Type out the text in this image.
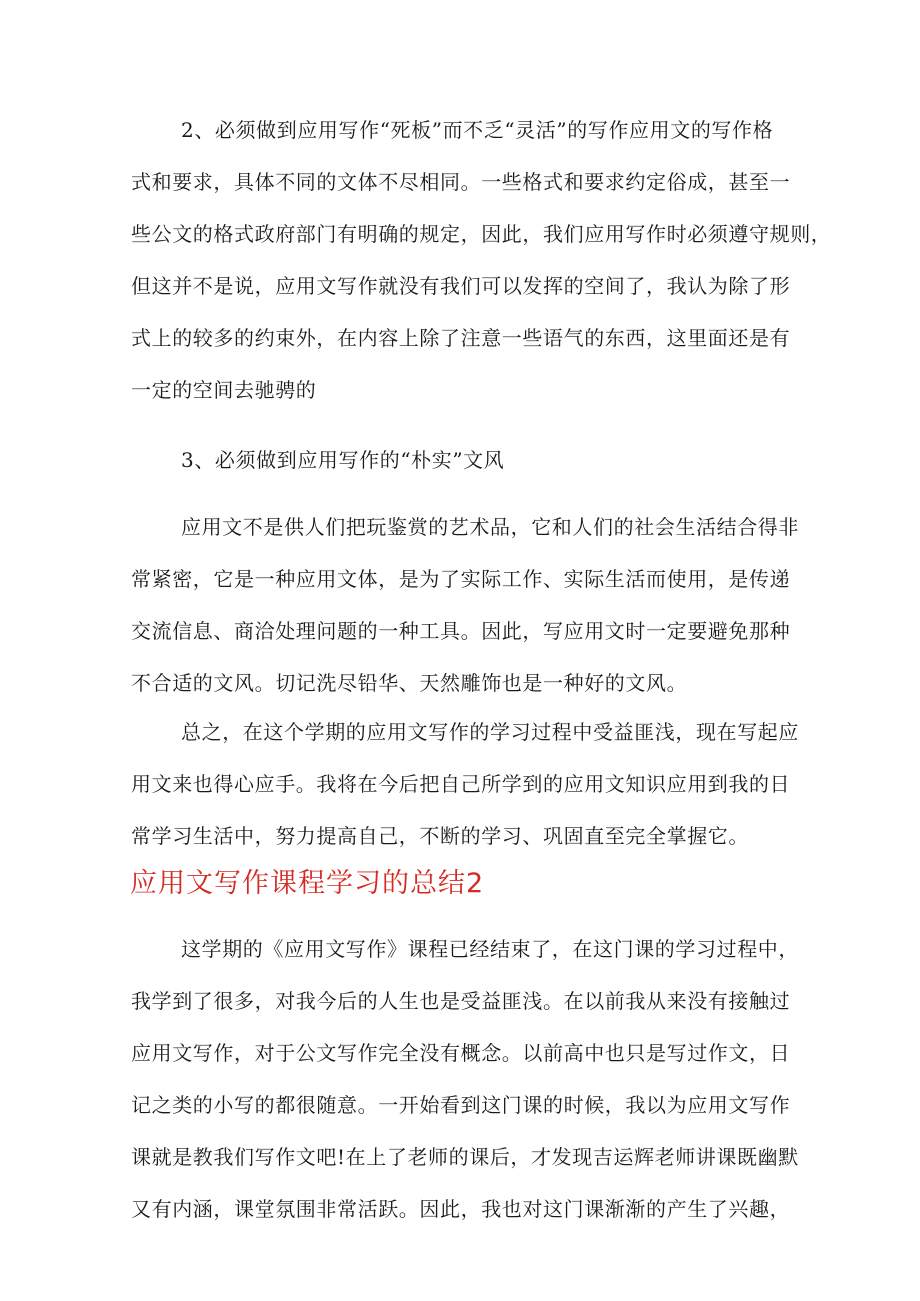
2、必须做到应用写作“死板”而不乏“灵活”的写作应用文的写作格
式和要求，具体不同的文体不尽相同。一些格式和要求约定俗成，甚至一
些公文的格式政府部门有明确的规定，因此，我们应用写作时必须遵守规则，
但这并不是说，应用文写作就没有我们可以发挥的空间了，我认为除了形
式上的较多的约束外，在内容上除了注意一些语气的东西，这里面还是有
一定的空间去驰骋的
3、必须做到应用写作的“朴实”文风
应用文不是供人们把玩鉴赏的艺术品，它和人们的社会生活结合得非
常紧密，它是一种应用文体，是为了实际工作、实际生活而使用，是传递
交流信息、商洽处理问题的一种工具。因此，写应用文时一定要避免那种
不合适的文风。切记洗尽铅华、天然雕饰也是一种好的文风。
总之，在这个学期的应用文写作的学习过程中受益匪浅，现在写起应
用文来也得心应手。我将在今后把自己所学到的应用文知识应用到我的日
常学习生活中，努力提高自己，不断的学习、巩固直至完全掌握它。
应用文写作课程学习的总结2
这学期的《应用文写作》课程已经结束了，在这门课的学习过程中，
我学到了很多，对我今后的人生也是受益匪浅。在以前我从来没有接触过
应用文写作，对于公文写作完全没有概念。以前高中也只是写过作文，日
记之类的小写的都很随意。一开始看到这门课的时候，我以为应用文写作
课就是教我们写作文吧!在上了老师的课后，才发现吉运辉老师讲课既幽默
又有内涵，课堂氛围非常活跃。因此，我也对这门课渐渐的产生了兴趣，
